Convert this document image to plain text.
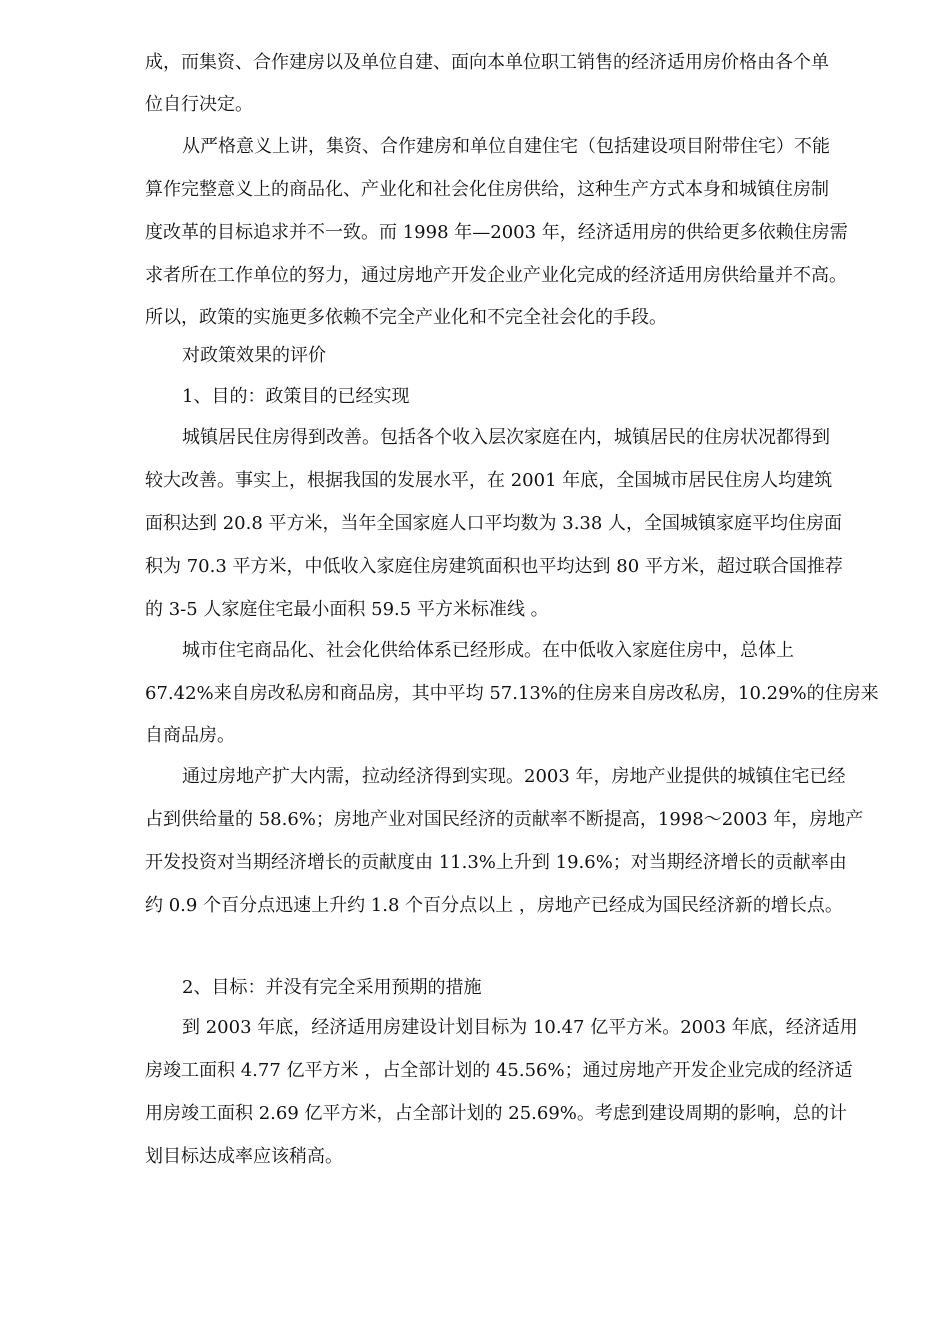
成，而集资、合作建房以及单位自建、面向本单位职工销售的经济适用房价格由各个单

位自行决定。

从严格意义上讲，集资、合作建房和单位自建住宅（包括建设项目附带住宅）不能

算作完整意义上的商品化、产业化和社会化住房供给，这种生产方式本身和城镇住房制

度改革的目标追求并不一致。而 1998 年—2003 年，经济适用房的供给更多依赖住房需

求者所在工作单位的努力，通过房地产开发企业产业化完成的经济适用房供给量并不高。

所以，政策的实施更多依赖不完全产业化和不完全社会化的手段。

对政策效果的评价

1、目的：政策目的已经实现

城镇居民住房得到改善。包括各个收入层次家庭在内，城镇居民的住房状况都得到

较大改善。事实上，根据我国的发展水平，在 2001 年底，全国城市居民住房人均建筑

面积达到 20.8 平方米，当年全国家庭人口平均数为 3.38 人，全国城镇家庭平均住房面

积为 70.3 平方米，中低收入家庭住房建筑面积也平均达到 80 平方米，超过联合国推荐

的 3-5 人家庭住宅最小面积 59.5 平方米标准线 。

城市住宅商品化、社会化供给体系已经形成。在中低收入家庭住房中，总体上

67.42%来自房改私房和商品房，其中平均 57.13%的住房来自房改私房，10.29%的住房来

自商品房。

通过房地产扩大内需，拉动经济得到实现。2003 年，房地产业提供的城镇住宅已经

占到供给量的 58.6%；房地产业对国民经济的贡献率不断提高，1998～2003 年，房地产

开发投资对当期经济增长的贡献度由 11.3%上升到 19.6%；对当期经济增长的贡献率由

约 0.9 个百分点迅速上升约 1.8 个百分点以上 ，房地产已经成为国民经济新的增长点。

2、目标：并没有完全采用预期的措施

到 2003 年底，经济适用房建设计划目标为 10.47 亿平方米。2003 年底，经济适用

房竣工面积 4.77 亿平方米 ，占全部计划的 45.56%；通过房地产开发企业完成的经济适

用房竣工面积 2.69 亿平方米，占全部计划的 25.69%。考虑到建设周期的影响，总的计

划目标达成率应该稍高。
